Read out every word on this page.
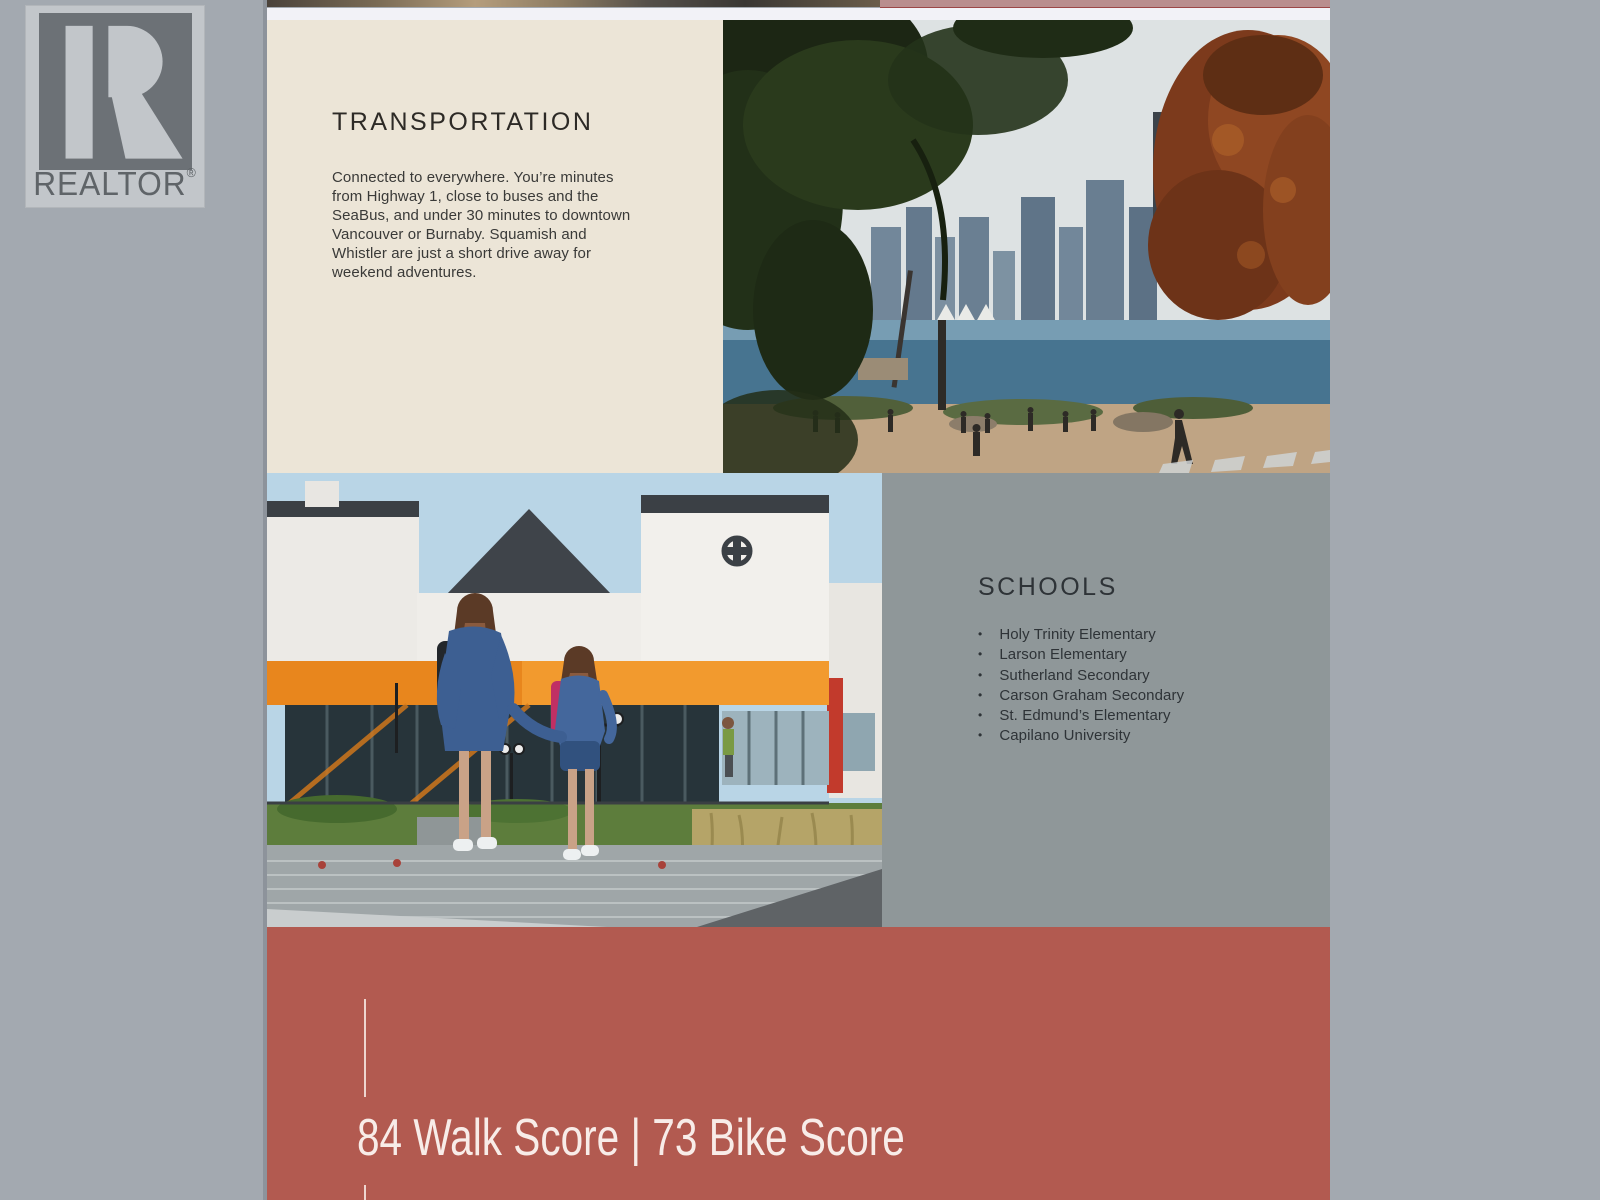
REALTOR®
TRANSPORTATION

Connected to everywhere. You’re minutes from Highway 1, close to buses and the SeaBus, and under 30 minutes to downtown Vancouver or Burnaby. Squamish and Whistler are just a short drive away for weekend adventures.

SCHOOLS
• Holy Trinity Elementary
• Larson Elementary
• Sutherland Secondary
• Carson Graham Secondary
• St. Edmund’s Elementary
• Capilano University
84 Walk Score | 73 Bike Score
